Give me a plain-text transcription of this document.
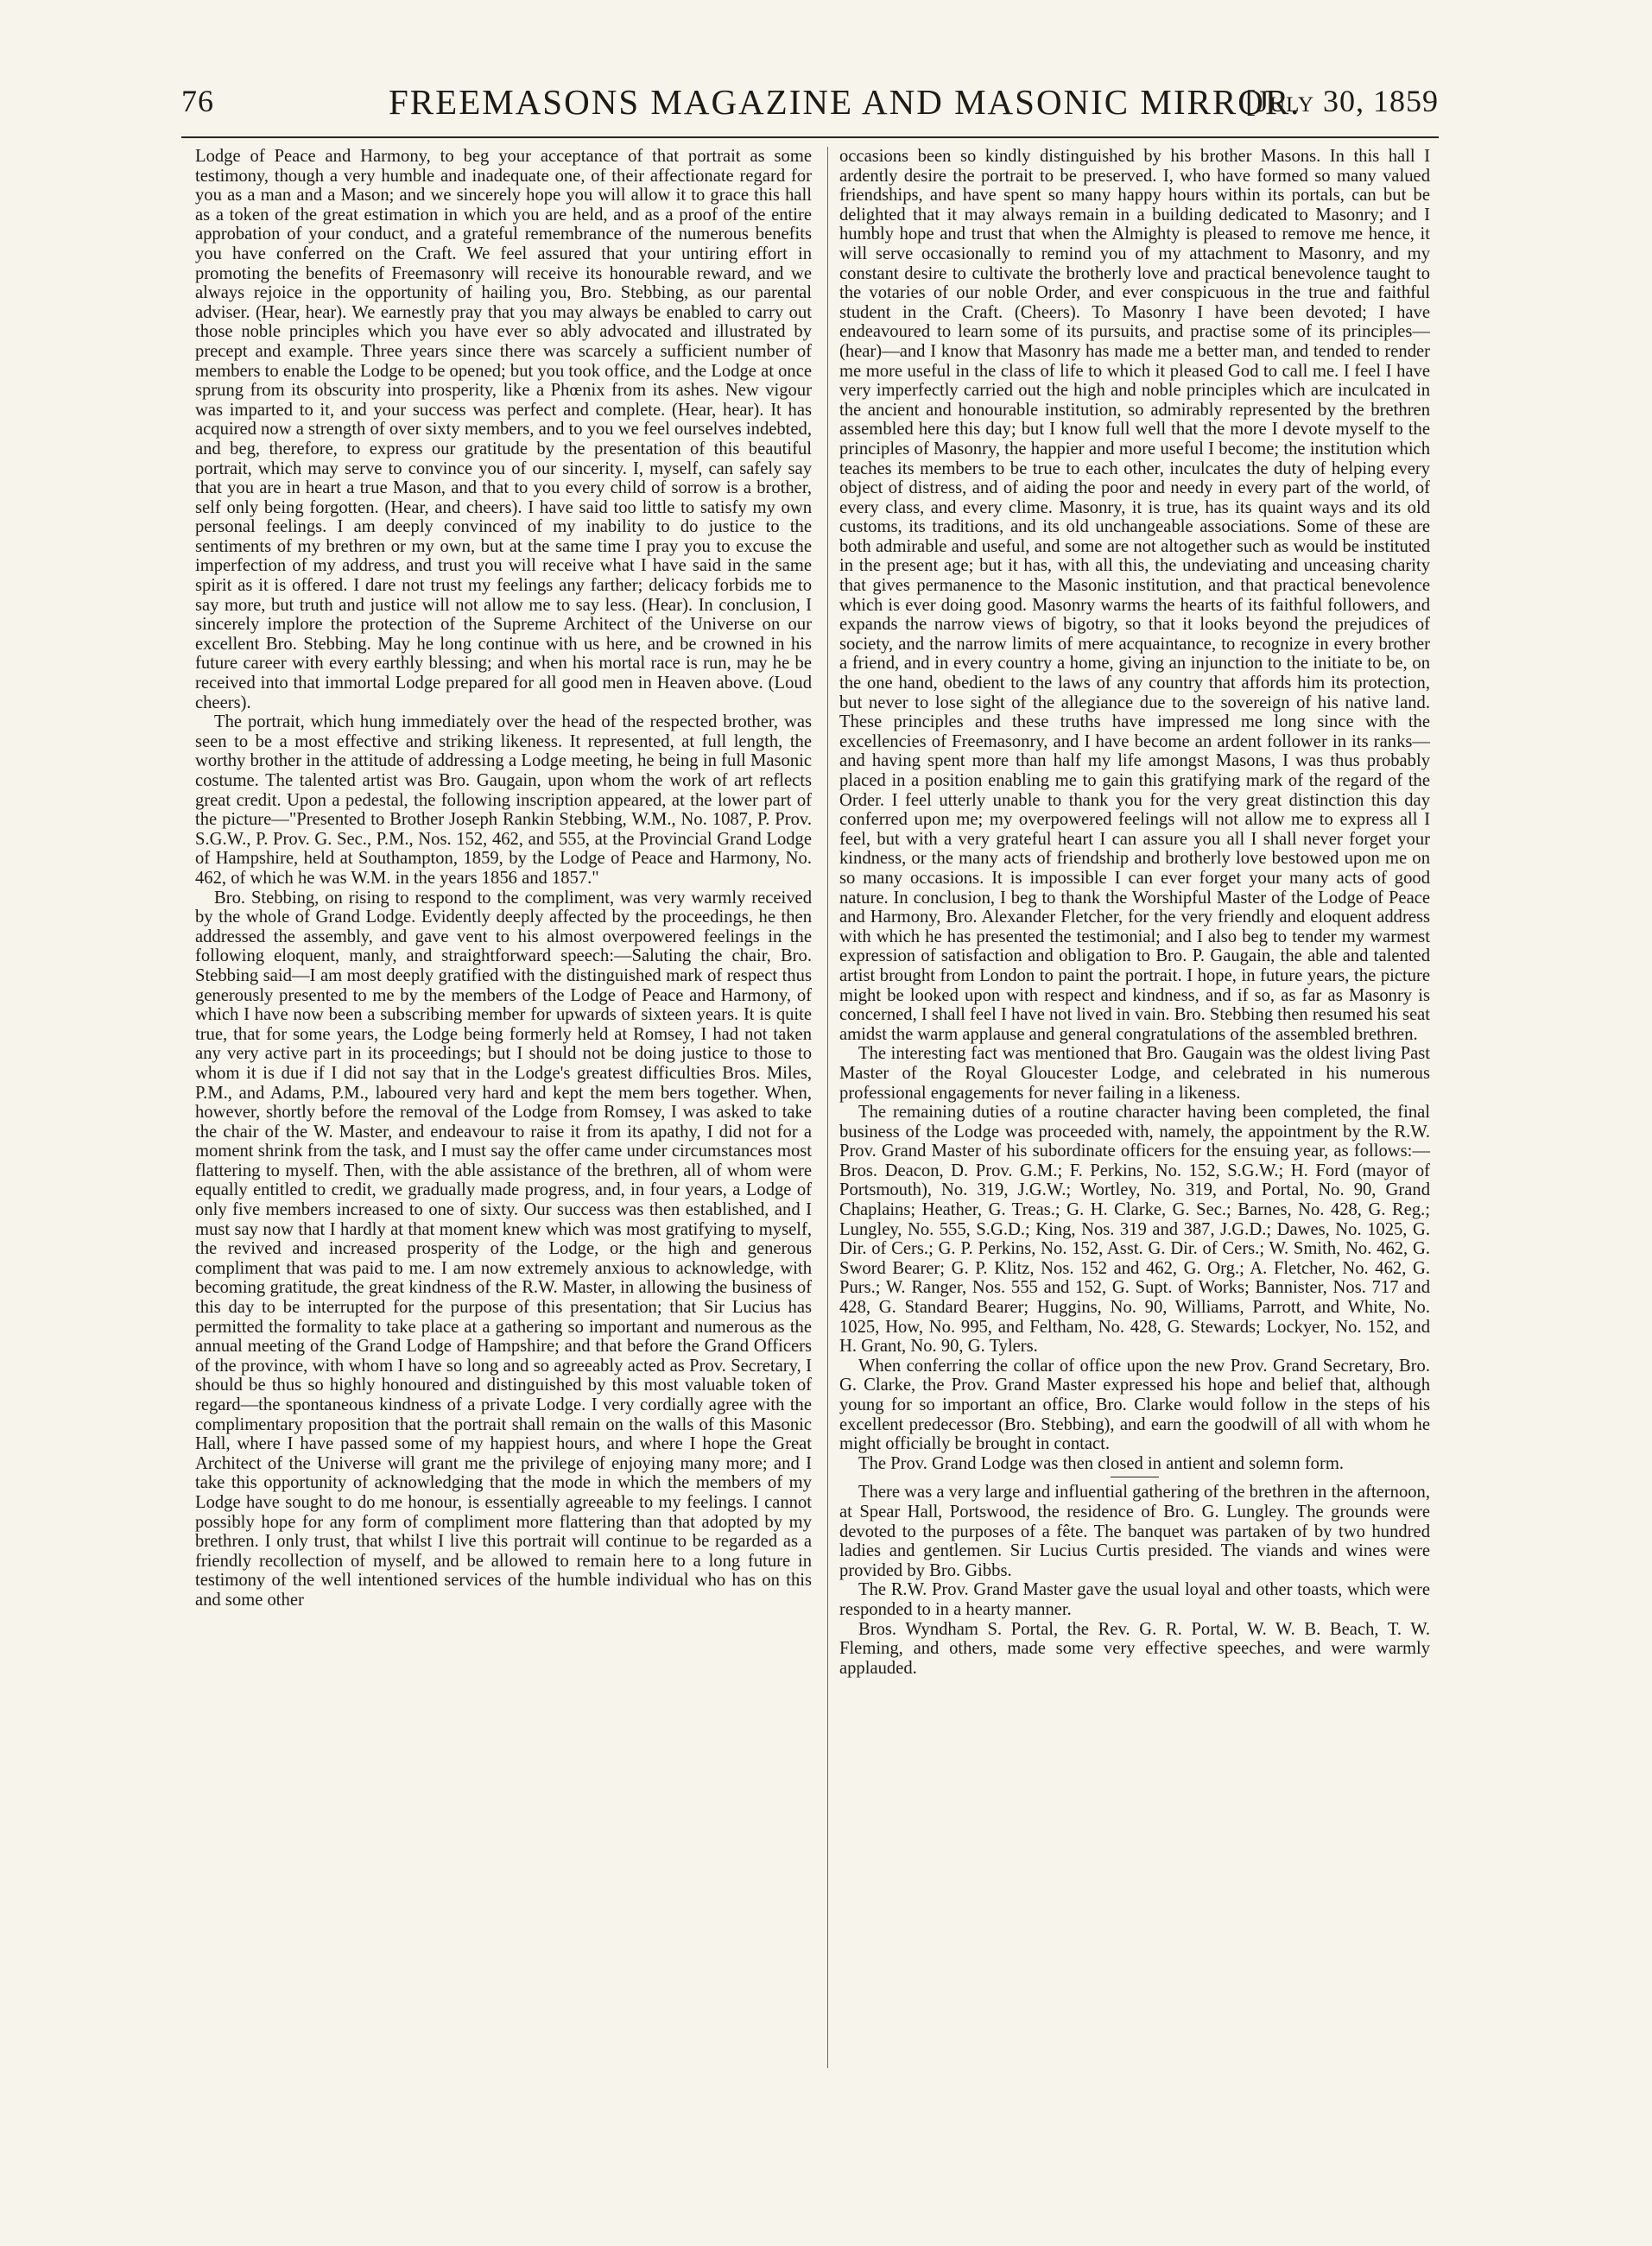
76	FREEMASONS MAGAZINE AND MASONIC MIRROR.
[July 30, 1859

Lodge of Peace and Harmony, to beg your acceptance of that portrait as some testimony, though a very humble and inadequate one, of their affectionate regard for you as a man and a Mason; and we sincerely hope you will allow it to grace this hall as a token of the great estimation in which you are held, and as a proof of the entire approbation of your conduct, and a grateful remembrance of the numerous benefits you have conferred on the Craft. We feel assured that your untiring effort in promoting the benefits of Freemasonry will receive its honourable reward, and we always rejoice in the opportunity of hailing you, Bro. Stebbing, as our parental adviser. (Hear, hear). We earnestly pray that you may always be enabled to carry out those noble principles which you have ever so ably advocated and illustrated by precept and example. Three years since there was scarcely a sufficient number of members to enable the Lodge to be opened; but you took office, and the Lodge at once sprung from its obscurity into prosperity, like a Phœnix from its ashes. New vigour was imparted to it, and your success was perfect and complete. (Hear, hear). It has acquired now a strength of over sixty members, and to you we feel ourselves indebted, and beg, therefore, to express our gratitude by the presentation of this beautiful portrait, which may serve to convince you of our sincerity. I, myself, can safely say that you are in heart a true Mason, and that to you every child of sorrow is a brother, self only being forgotten. (Hear, and cheers). I have said too little to satisfy my own personal feelings. I am deeply convinced of my inability to do justice to the sentiments of my brethren or my own, but at the same time I pray you to excuse the imperfection of my address, and trust you will receive what I have said in the same spirit as it is offered. I dare not trust my feelings any farther; delicacy forbids me to say more, but truth and justice will not allow me to say less. (Hear). In conclusion, I sincerely implore the protection of the Supreme Architect of the Universe on our excellent Bro. Stebbing. May he long continue with us here, and be crowned in his future career with every earthly blessing; and when his mortal race is run, may he be received into that immortal Lodge prepared for all good men in Heaven above. (Loud cheers).

The portrait, which hung immediately over the head of the respected brother, was seen to be a most effective and striking likeness. It represented, at full length, the worthy brother in the attitude of addressing a Lodge meeting, he being in full Masonic costume. The talented artist was Bro. Gaugain, upon whom the work of art reflects great credit. Upon a pedestal, the following inscription appeared, at the lower part of the picture—"Presented to Brother Joseph Rankin Stebbing, W.M., No. 1087, P. Prov. S.G.W., P. Prov. G. Sec., P.M., Nos. 152, 462, and 555, at the Provincial Grand Lodge of Hampshire, held at Southampton, 1859, by the Lodge of Peace and Harmony, No. 462, of which he was W.M. in the years 1856 and 1857."

Bro. Stebbing, on rising to respond to the compliment, was very warmly received by the whole of Grand Lodge. Evidently deeply affected by the proceedings, he then addressed the assembly, and gave vent to his almost overpowered feelings in the following eloquent, manly, and straightforward speech:—Saluting the chair, Bro. Stebbing said—I am most deeply gratified with the distinguished mark of respect thus generously presented to me by the members of the Lodge of Peace and Harmony, of which I have now been a subscribing member for upwards of sixteen years. It is quite true, that for some years, the Lodge being formerly held at Romsey, I had not taken any very active part in its proceedings; but I should not be doing justice to those to whom it is due if I did not say that in the Lodge's greatest difficulties Bros. Miles, P.M., and Adams, P.M., laboured very hard and kept the mem bers together. When, however, shortly before the removal of the Lodge from Romsey, I was asked to take the chair of the W. Master, and endeavour to raise it from its apathy, I did not for a moment shrink from the task, and I must say the offer came under circumstances most flattering to myself. Then, with the able assistance of the brethren, all of whom were equally entitled to credit, we gradually made progress, and, in four years, a Lodge of only five members increased to one of sixty. Our success was then established, and I must say now that I hardly at that moment knew which was most gratifying to myself, the revived and increased prosperity of the Lodge, or the high and generous compliment that was paid to me. I am now extremely anxious to acknowledge, with becoming gratitude, the great kindness of the R.W. Master, in allowing the business of this day to be interrupted for the purpose of this presentation; that Sir Lucius has permitted the formality to take place at a gathering so important and numerous as the annual meeting of the Grand Lodge of Hampshire; and that before the Grand Officers of the province, with whom I have so long and so agreeably acted as Prov. Secretary, I should be thus so highly honoured and distinguished by this most valuable token of regard—the spontaneous kindness of a private Lodge. I very cordially agree with the complimentary proposition that the portrait shall remain on the walls of this Masonic Hall, where I have passed some of my happiest hours, and where I hope the Great Architect of the Universe will grant me the privilege of enjoying many more; and I take this opportunity of acknowledging that the mode in which the members of my Lodge have sought to do me honour, is essentially agreeable to my feelings. I cannot possibly hope for any form of compliment more flattering than that adopted by my brethren. I only trust, that whilst I live this portrait will continue to be regarded as a friendly recollection of myself, and be allowed to remain here to a long future in testimony of the well intentioned services of the humble individual who has on this and some other

occasions been so kindly distinguished by his brother Masons. In this hall I ardently desire the portrait to be preserved. I, who have formed so many valued friendships, and have spent so many happy hours within its portals, can but be delighted that it may always remain in a building dedicated to Masonry; and I humbly hope and trust that when the Almighty is pleased to remove me hence, it will serve occasionally to remind you of my attachment to Masonry, and my constant desire to cultivate the brotherly love and practical benevolence taught to the votaries of our noble Order, and ever conspicuous in the true and faithful student in the Craft. (Cheers). To Masonry I have been devoted; I have endeavoured to learn some of its pursuits, and practise some of its principles—(hear)—and I know that Masonry has made me a better man, and tended to render me more useful in the class of life to which it pleased God to call me. I feel I have very imperfectly carried out the high and noble principles which are inculcated in the ancient and honourable institution, so admirably represented by the brethren assembled here this day; but I know full well that the more I devote myself to the principles of Masonry, the happier and more useful I become; the institution which teaches its members to be true to each other, inculcates the duty of helping every object of distress, and of aiding the poor and needy in every part of the world, of every class, and every clime. Masonry, it is true, has its quaint ways and its old customs, its traditions, and its old unchangeable associations. Some of these are both admirable and useful, and some are not altogether such as would be instituted in the present age; but it has, with all this, the undeviating and unceasing charity that gives permanence to the Masonic institution, and that practical benevolence which is ever doing good. Masonry warms the hearts of its faithful followers, and expands the narrow views of bigotry, so that it looks beyond the prejudices of society, and the narrow limits of mere acquaintance, to recognize in every brother a friend, and in every country a home, giving an injunction to the initiate to be, on the one hand, obedient to the laws of any country that affords him its protection, but never to lose sight of the allegiance due to the sovereign of his native land. These principles and these truths have impressed me long since with the excellencies of Freemasonry, and I have become an ardent follower in its ranks—and having spent more than half my life amongst Masons, I was thus probably placed in a position enabling me to gain this gratifying mark of the regard of the Order. I feel utterly unable to thank you for the very great distinction this day conferred upon me; my overpowered feelings will not allow me to express all I feel, but with a very grateful heart I can assure you all I shall never forget your kindness, or the many acts of friendship and brotherly love bestowed upon me on so many occasions. It is impossible I can ever forget your many acts of good nature. In conclusion, I beg to thank the Worshipful Master of the Lodge of Peace and Harmony, Bro. Alexander Fletcher, for the very friendly and eloquent address with which he has presented the testimonial; and I also beg to tender my warmest expression of satisfaction and obligation to Bro. P. Gaugain, the able and talented artist brought from London to paint the portrait. I hope, in future years, the picture might be looked upon with respect and kindness, and if so, as far as Masonry is concerned, I shall feel I have not lived in vain. Bro. Stebbing then resumed his seat amidst the warm applause and general congratulations of the assembled brethren.

The interesting fact was mentioned that Bro. Gaugain was the oldest living Past Master of the Royal Gloucester Lodge, and celebrated in his numerous professional engagements for never failing in a likeness.

The remaining duties of a routine character having been completed, the final business of the Lodge was proceeded with, namely, the appointment by the R.W. Prov. Grand Master of his subordinate officers for the ensuing year, as follows:—Bros. Deacon, D. Prov. G.M.; F. Perkins, No. 152, S.G.W.; H. Ford (mayor of Portsmouth), No. 319, J.G.W.; Wortley, No. 319, and Portal, No. 90, Grand Chaplains; Heather, G. Treas.; G. H. Clarke, G. Sec.; Barnes, No. 428, G. Reg.; Lungley, No. 555, S.G.D.; King, Nos. 319 and 387, J.G.D.; Dawes, No. 1025, G. Dir. of Cers.; G. P. Perkins, No. 152, Asst. G. Dir. of Cers.; W. Smith, No. 462, G. Sword Bearer; G. P. Klitz, Nos. 152 and 462, G. Org.; A. Fletcher, No. 462, G. Purs.; W. Ranger, Nos. 555 and 152, G. Supt. of Works; Bannister, Nos. 717 and 428, G. Standard Bearer; Huggins, No. 90, Williams, Parrott, and White, No. 1025, How, No. 995, and Feltham, No. 428, G. Stewards; Lockyer, No. 152, and H. Grant, No. 90, G. Tylers.

When conferring the collar of office upon the new Prov. Grand Secretary, Bro. G. Clarke, the Prov. Grand Master expressed his hope and belief that, although young for so important an office, Bro. Clarke would follow in the steps of his excellent predecessor (Bro. Stebbing), and earn the goodwill of all with whom he might officially be brought in contact.

The Prov. Grand Lodge was then closed in antient and solemn form.

There was a very large and influential gathering of the brethren in the afternoon, at Spear Hall, Portswood, the residence of Bro. G. Lungley. The grounds were devoted to the purposes of a fête. The banquet was partaken of by two hundred ladies and gentlemen. Sir Lucius Curtis presided. The viands and wines were provided by Bro. Gibbs.

The R.W. Prov. Grand Master gave the usual loyal and other toasts, which were responded to in a hearty manner.

Bros. Wyndham S. Portal, the Rev. G. R. Portal, W. W. B. Beach, T. W. Fleming, and others, made some very effective speeches, and were warmly applauded.
